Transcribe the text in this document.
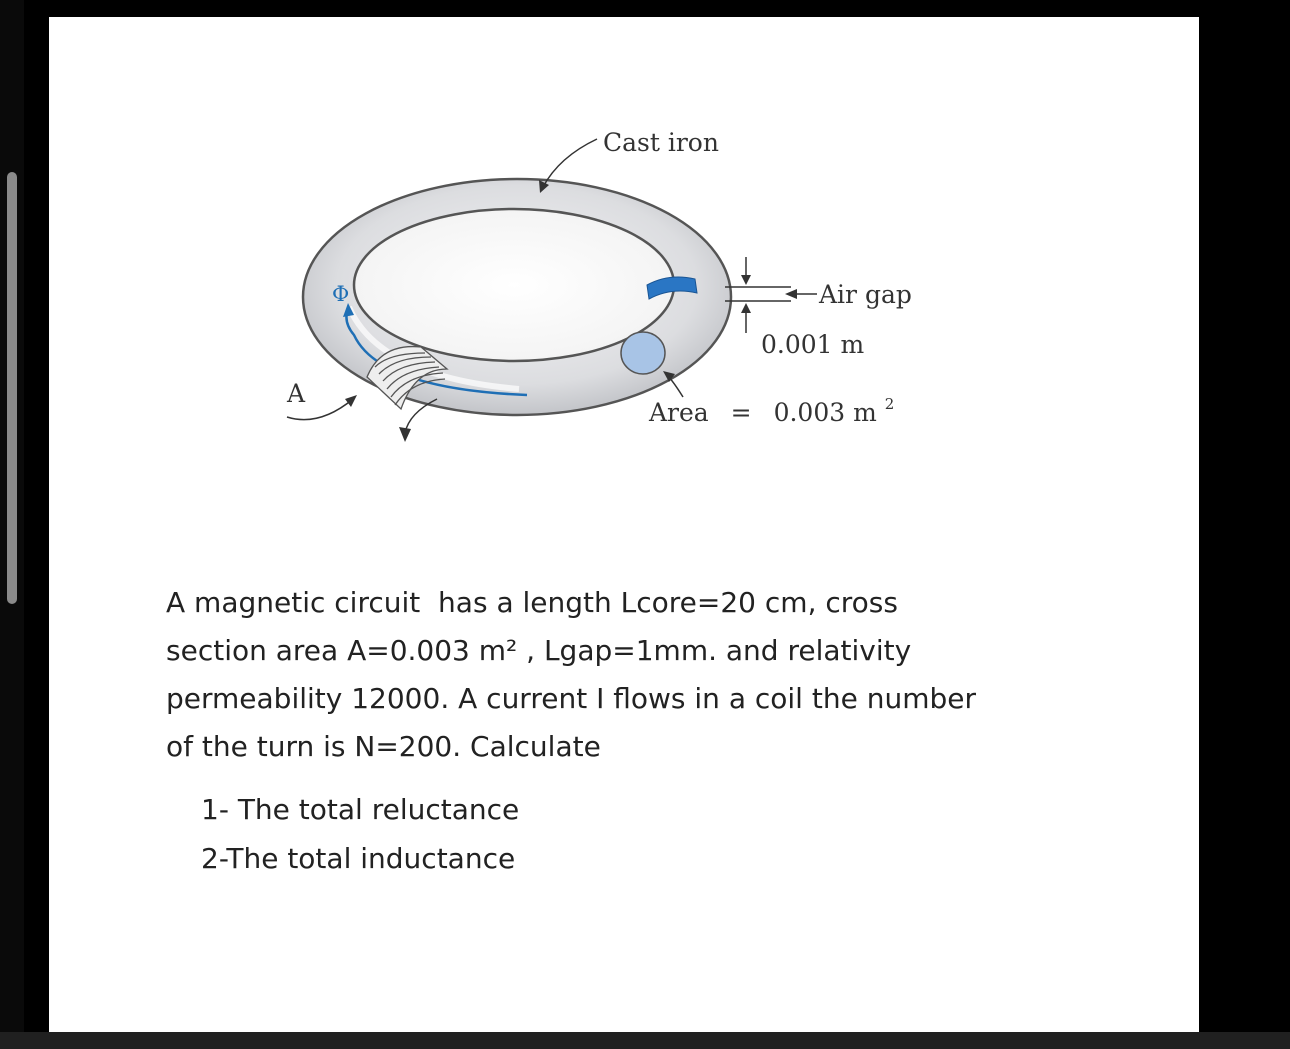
Φ
A
Cast iron
Air gap
0.001 m
Area = 0.003 m $^2$

A magnetic circuit  has a length Lcore=20 cm, cross
section area A=0.003 m² , Lgap=1mm. and relativity
permeability 12000. A current I flows in a coil the number
of the turn is N=200. Calculate

1- The total reluctance
2-The total inductance
